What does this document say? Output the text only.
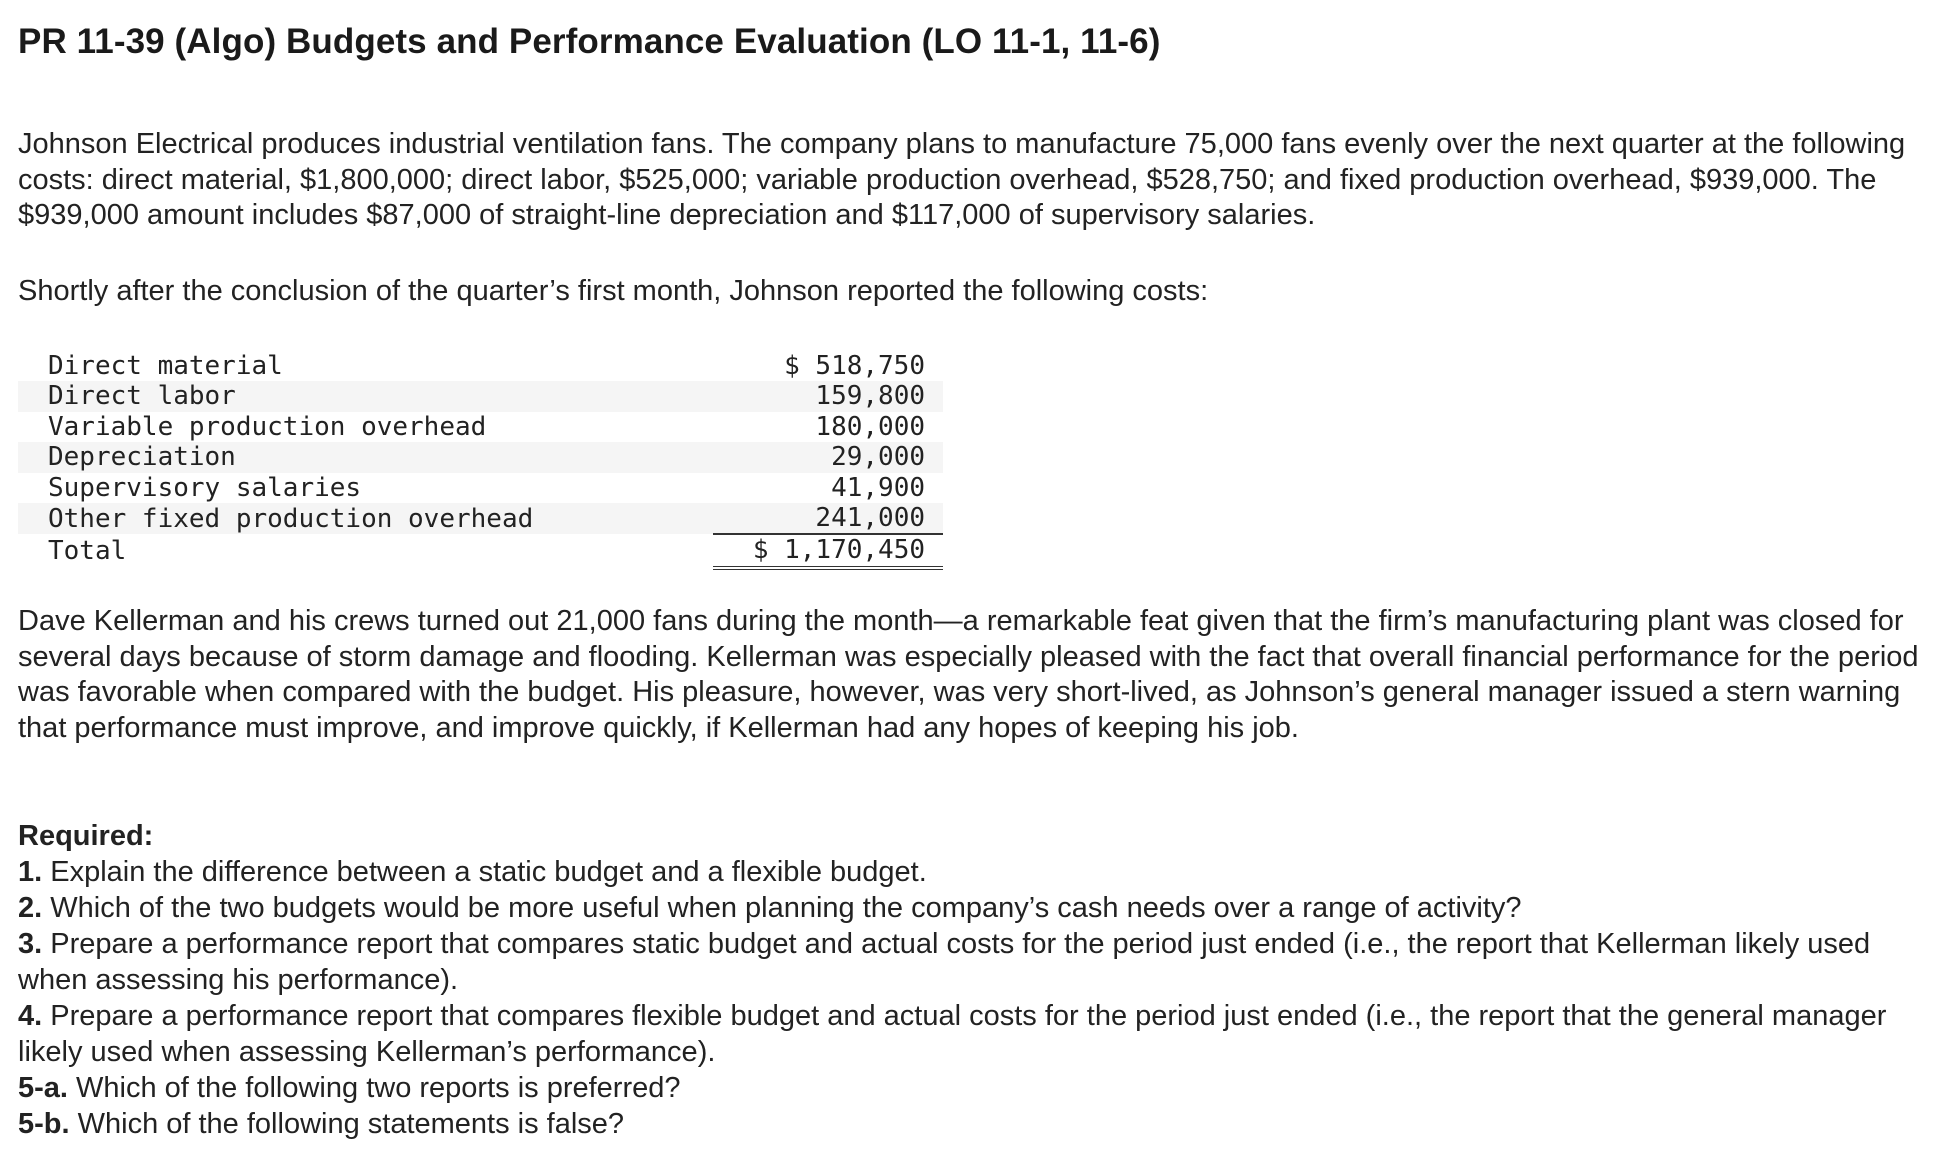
PR 11-39 (Algo) Budgets and Performance Evaluation (LO 11-1, 11-6)

Johnson Electrical produces industrial ventilation fans. The company plans to manufacture 75,000 fans evenly over the next quarter at the following costs: direct material, $1,800,000; direct labor, $525,000; variable production overhead, $528,750; and fixed production overhead, $939,000. The $939,000 amount includes $87,000 of straight-line depreciation and $117,000 of supervisory salaries.

Shortly after the conclusion of the quarter’s first month, Johnson reported the following costs:

Direct material	$ 518,750
Direct labor	159,800
Variable production overhead	180,000
Depreciation	29,000
Supervisory salaries	41,900
Other fixed production overhead	241,000
Total	$ 1,170,450

Dave Kellerman and his crews turned out 21,000 fans during the month—a remarkable feat given that the firm’s manufacturing plant was closed for several days because of storm damage and flooding. Kellerman was especially pleased with the fact that overall financial performance for the period was favorable when compared with the budget. His pleasure, however, was very short-lived, as Johnson’s general manager issued a stern warning that performance must improve, and improve quickly, if Kellerman had any hopes of keeping his job.

Required:

1. Explain the difference between a static budget and a flexible budget.

2. Which of the two budgets would be more useful when planning the company’s cash needs over a range of activity?

3. Prepare a performance report that compares static budget and actual costs for the period just ended (i.e., the report that Kellerman likely used when assessing his performance).

4. Prepare a performance report that compares flexible budget and actual costs for the period just ended (i.e., the report that the general manager likely used when assessing Kellerman’s performance).

5-a. Which of the following two reports is preferred?

5-b. Which of the following statements is false?
